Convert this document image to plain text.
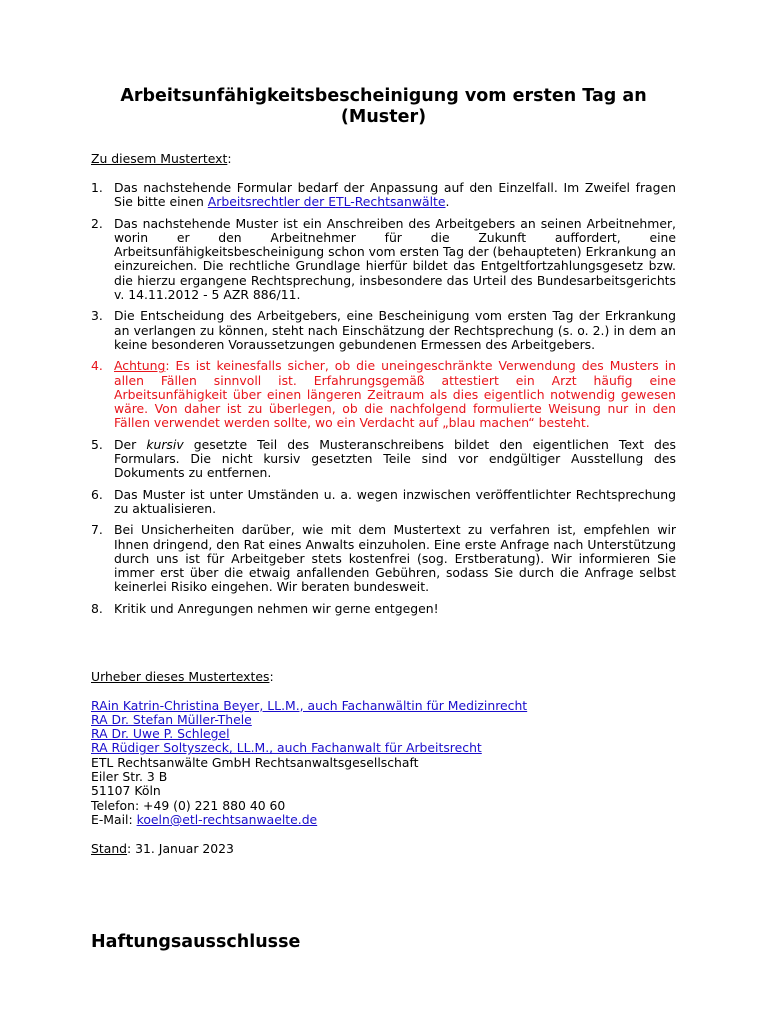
Arbeitsunfähigkeitsbescheinigung vom ersten Tag an (Muster)

Zu diesem Mustertext:

1. Das nachstehende Formular bedarf der Anpassung auf den Einzelfall. Im Zweifel fragen Sie bitte einen Arbeitsrechtler der ETL-Rechtsanwälte.
2. Das nachstehende Muster ist ein Anschreiben des Arbeitgebers an seinen Arbeitnehmer, worin er den Arbeitnehmer für die Zukunft auffordert, eine Arbeitsunfähigkeitsbescheinigung schon vom ersten Tag der (behaupteten) Erkrankung an einzureichen. Die rechtliche Grundlage hierfür bildet das Entgeltfortzahlungsgesetz bzw. die hierzu ergangene Rechtsprechung, insbesondere das Urteil des Bundesarbeitsgerichts v. 14.11.2012 - 5 AZR 886/11.
3. Die Entscheidung des Arbeitgebers, eine Bescheinigung vom ersten Tag der Erkrankung an verlangen zu können, steht nach Einschätzung der Rechtsprechung (s. o. 2.) in dem an keine besonderen Voraussetzungen gebundenen Ermessen des Arbeitgebers.
4. Achtung: Es ist keinesfalls sicher, ob die uneingeschränkte Verwendung des Musters in allen Fällen sinnvoll ist. Erfahrungsgemäß attestiert ein Arzt häufig eine Arbeitsunfähigkeit über einen längeren Zeitraum als dies eigentlich notwendig gewesen wäre. Von daher ist zu überlegen, ob die nachfolgend formulierte Weisung nur in den Fällen verwendet werden sollte, wo ein Verdacht auf „blau machen“ besteht.
5. Der kursiv gesetzte Teil des Musteranschreibens bildet den eigentlichen Text des Formulars. Die nicht kursiv gesetzten Teile sind vor endgültiger Ausstellung des Dokuments zu entfernen.
6. Das Muster ist unter Umständen u. a. wegen inzwischen veröffentlichter Rechtsprechung zu aktualisieren.
7. Bei Unsicherheiten darüber, wie mit dem Mustertext zu verfahren ist, empfehlen wir Ihnen dringend, den Rat eines Anwalts einzuholen. Eine erste Anfrage nach Unterstützung durch uns ist für Arbeitgeber stets kostenfrei (sog. Erstberatung). Wir informieren Sie immer erst über die etwaig anfallenden Gebühren, sodass Sie durch die Anfrage selbst keinerlei Risiko eingehen. Wir beraten bundesweit.
8. Kritik und Anregungen nehmen wir gerne entgegen!
Urheber dieses Mustertextes:
RAin Katrin-Christina Beyer, LL.M., auch Fachanwältin für Medizinrecht
RA Dr. Stefan Müller-Thele
RA Dr. Uwe P. Schlegel
RA Rüdiger Soltyszeck, LL.M., auch Fachanwalt für Arbeitsrecht
ETL Rechtsanwälte GmbH Rechtsanwaltsgesellschaft
Eiler Str. 3 B
51107 Köln
Telefon: +49 (0) 221 880 40 60
E-Mail: koeln@etl-rechtsanwaelte.de
Stand: 31. Januar 2023
Haftungsausschlusse
